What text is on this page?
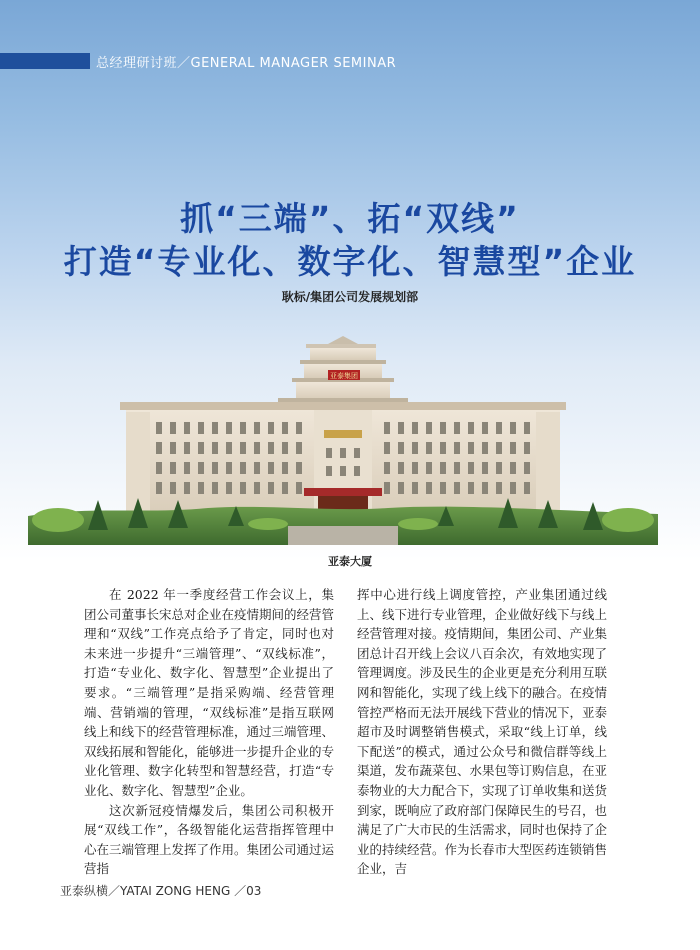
总经理研讨班／GENERAL MANAGER SEMINAR
抓“三端”、拓“双线”
打造“专业化、数字化、智慧型”企业
耿标/集团公司发展规划部
亚泰集团
亚泰大厦

在 2022 年一季度经营工作会议上，集团公司董事长宋总对企业在疫情期间的经营管理和“双线”工作亮点给予了肯定，同时也对未来进一步提升“三端管理”、“双线标准”，打造“专业化、数字化、智慧型”企业提出了要求。“三端管理”是指采购端、经营管理端、营销端的管理，“双线标准”是指互联网线上和线下的经营管理标准，通过三端管理、双线拓展和智能化，能够进一步提升企业的专业化管理、数字化转型和智慧经营，打造“专业化、数字化、智慧型”企业。

这次新冠疫情爆发后，集团公司积极开展“双线工作”，各级智能化运营指挥管理中心在三端管理上发挥了作用。集团公司通过运营指

挥中心进行线上调度管控，产业集团通过线上、线下进行专业管理，企业做好线下与线上经营管理对接。疫情期间，集团公司、产业集团总计召开线上会议八百余次，有效地实现了管理调度。涉及民生的企业更是充分利用互联网和智能化，实现了线上线下的融合。在疫情管控严格而无法开展线下营业的情况下，亚泰超市及时调整销售模式，采取“线上订单，线下配送”的模式，通过公众号和微信群等线上渠道，发布蔬菜包、水果包等订购信息，在亚泰物业的大力配合下，实现了订单收集和送货到家，既响应了政府部门保障民生的号召，也满足了广大市民的生活需求，同时也保持了企业的持续经营。作为长春市大型医药连锁销售企业，吉

亚泰纵横／YATAI ZONG HENG ／03
